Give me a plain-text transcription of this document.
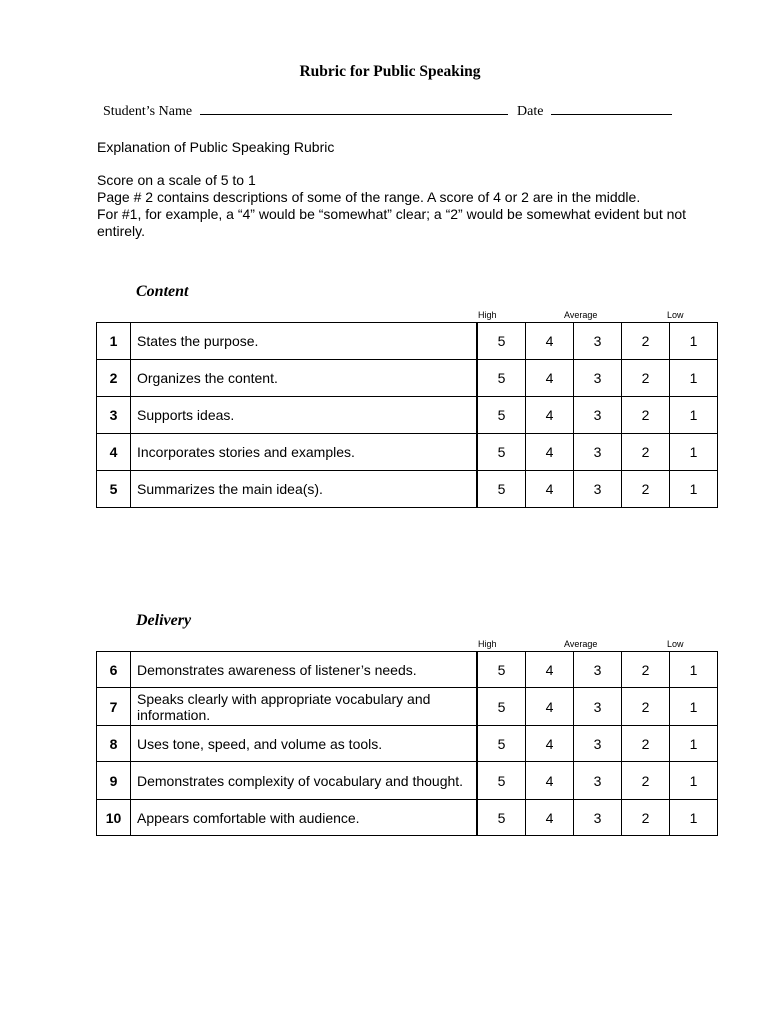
Rubric for Public Speaking
Student’s Name	Date
Explanation of Public Speaking Rubric

Score on a scale of 5 to 1

Page # 2 contains descriptions of some of the range. A score of 4 or 2 are in the middle.

For #1, for example, a “4” would be “somewhat” clear; a “2” would be somewhat evident but not entirely.

Content
High	Average	Low
1	States the purpose.	5	4	3	2	1
2	Organizes the content.	5	4	3	2	1
3	Supports ideas.	5	4	3	2	1
4	Incorporates stories and examples.	5	4	3	2	1
5	Summarizes the main idea(s).	5	4	3	2	1
Delivery
High	Average	Low
6	Demonstrates awareness of listener’s needs.	5	4	3	2	1
7	Speaks clearly with appropriate vocabulary and information.	5	4	3	2	1
8	Uses tone, speed, and volume as tools.	5	4	3	2	1
9	Demonstrates complexity of vocabulary and thought.	5	4	3	2	1
10	Appears comfortable with audience.	5	4	3	2	1
